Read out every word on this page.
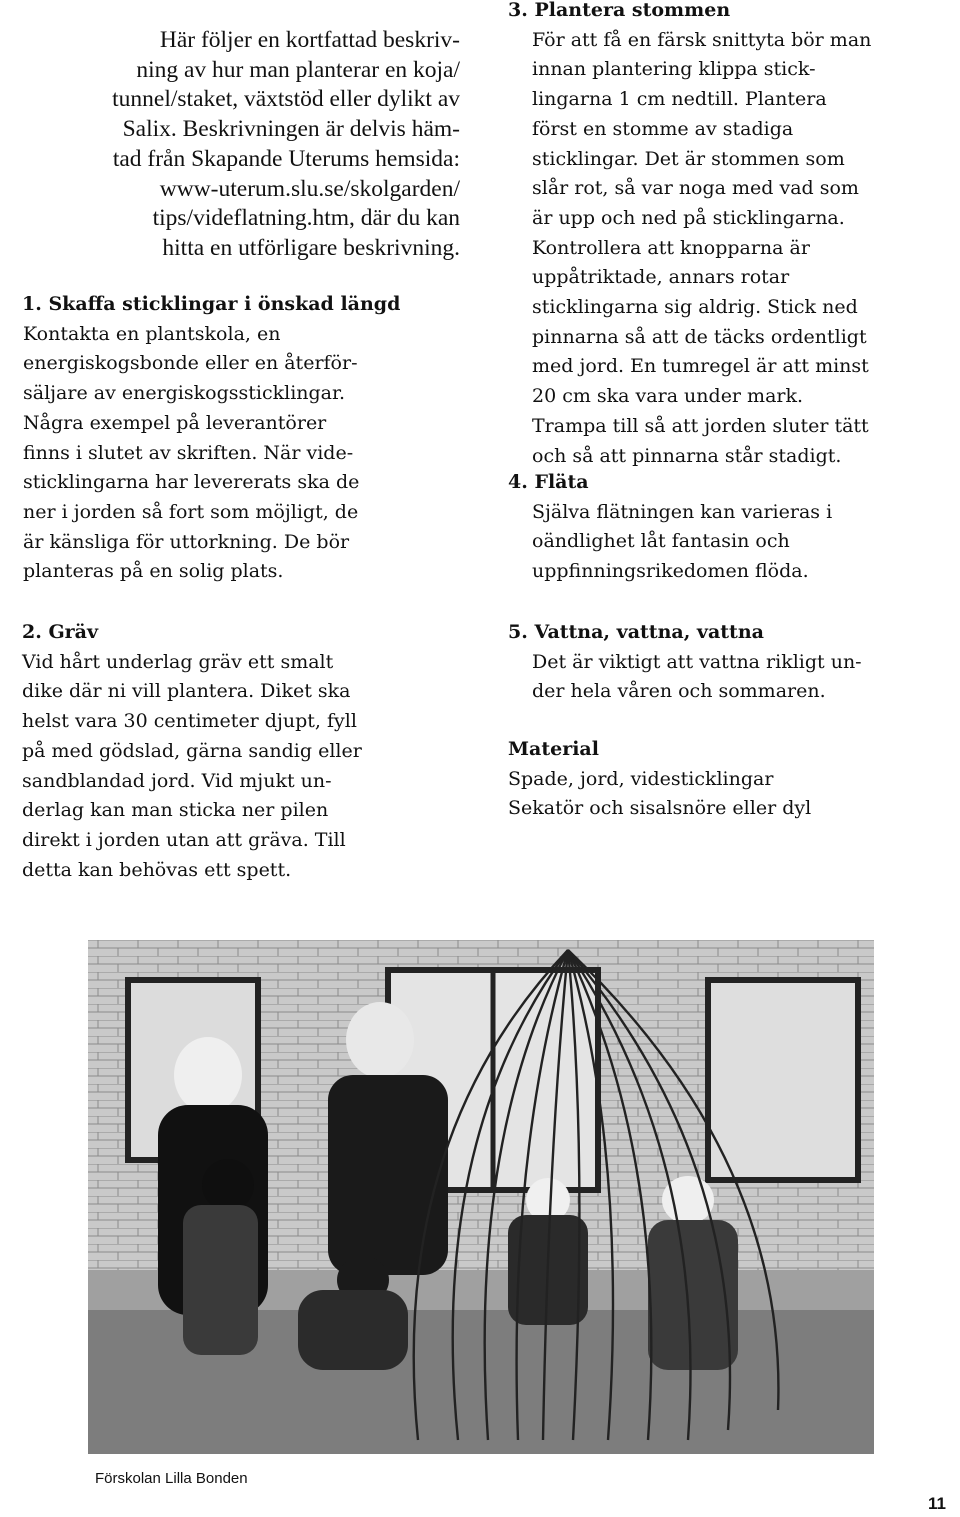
Här följer en kortfattad beskriv-

ning av hur man planterar en koja/

tunnel/staket, växtstöd eller dylikt av

Salix. Beskrivningen är delvis häm-

tad från Skapande Uterums hemsida:

www-uterum.slu.se/skolgarden/

tips/videflatning.htm, där du kan

hitta en utförligare beskrivning.

1. Skaffa sticklingar i önskad längd

Kontakta en plantskola, en

energiskogsbonde eller en återför-

säljare av energiskogssticklingar.

Några exempel på leverantörer

finns i slutet av skriften. När vide-

sticklingarna har levererats ska de

ner i jorden så fort som möjligt, de

är känsliga för uttorkning. De bör

planteras på en solig plats.

2. Gräv

Vid hårt underlag gräv ett smalt

dike där ni vill plantera. Diket ska

helst vara 30 centimeter djupt, fyll

på med gödslad, gärna sandig eller

sandblandad jord. Vid mjukt un-

derlag kan man sticka ner pilen

direkt i jorden utan att gräva. Till

detta kan behövas ett spett.

3. Plantera stommen

För att få en färsk snittyta bör man

innan plantering klippa stick-

lingarna 1 cm nedtill. Plantera

först en stomme av stadiga

sticklingar. Det är stommen som

slår rot, så var noga med vad som

är upp och ned på sticklingarna.

Kontrollera att knopparna är

uppåtriktade, annars rotar

sticklingarna sig aldrig. Stick ned

pinnarna så att de täcks ordentligt

med jord. En tumregel är att minst

20 cm ska vara under mark.

Trampa till så att jorden sluter tätt

och så att pinnarna står stadigt.

4. Fläta

Själva flätningen kan varieras i

oändlighet låt fantasin och

uppfinningsrikedomen flöda.

5. Vattna, vattna, vattna

Det är viktigt att vattna rikligt un-

der hela våren och sommaren.

Material

Spade, jord, videsticklingar

Sekatör och sisalsnöre eller dyl

Förskolan Lilla Bonden
11
